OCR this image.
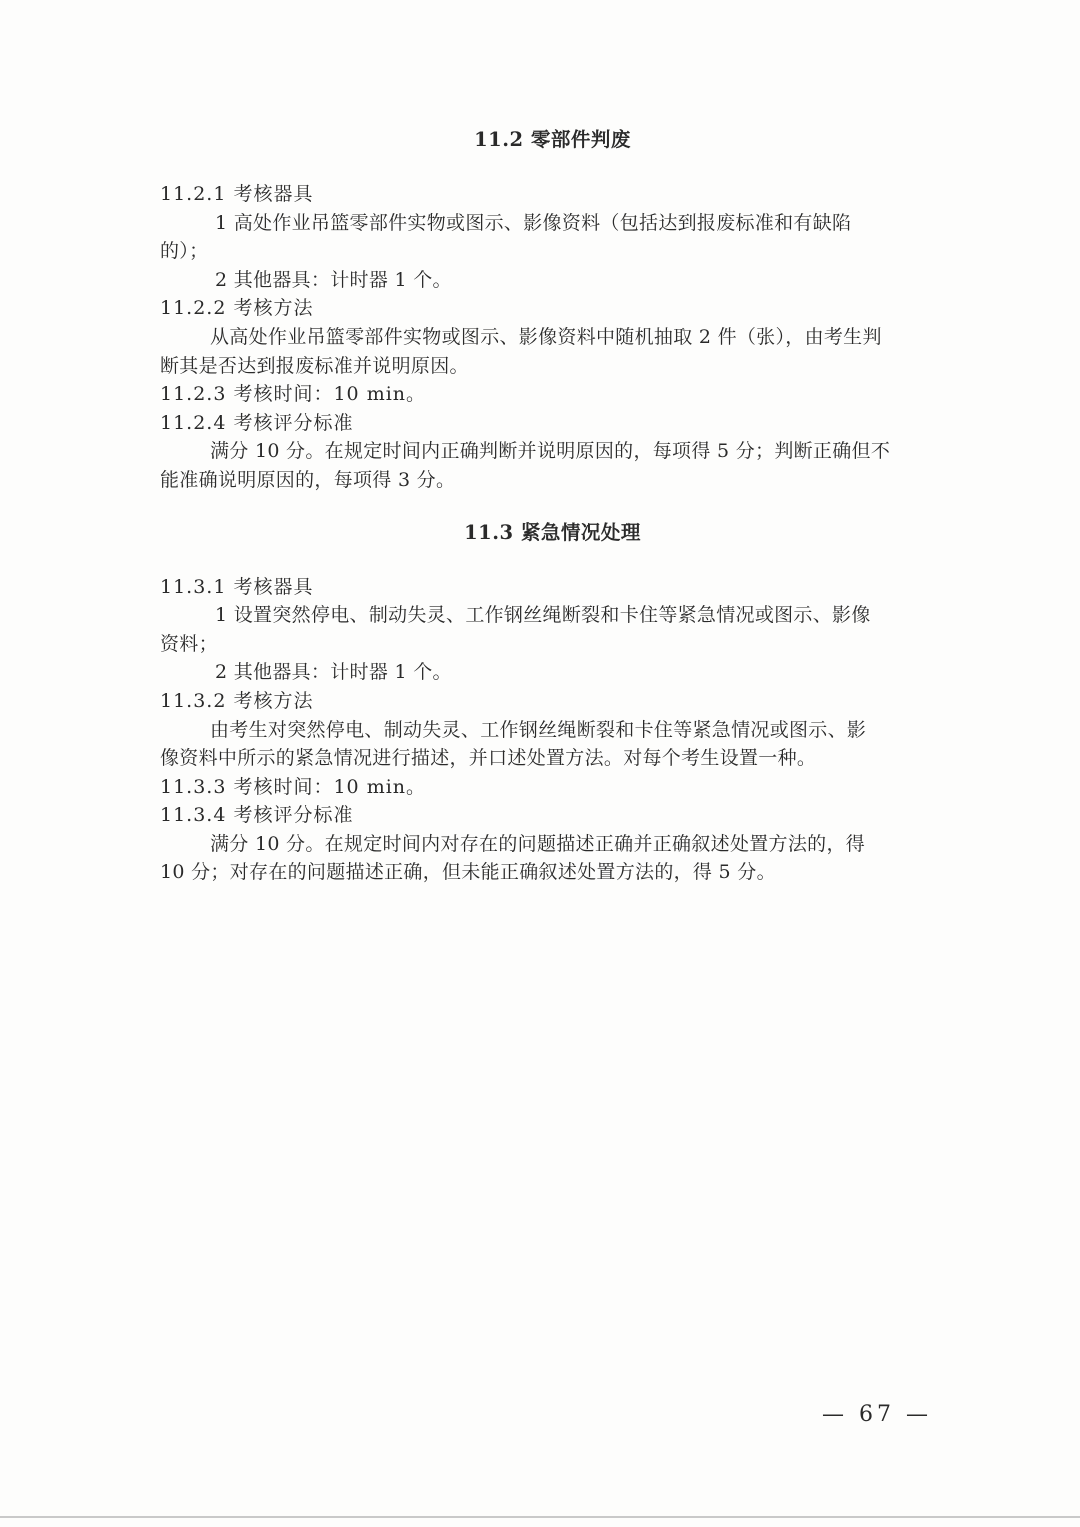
11.2 零部件判废

11.2.1 考核器具

1 高处作业吊篮零部件实物或图示、影像资料（包括达到报废标准和有缺陷

的）；

2 其他器具：计时器 1 个。

11.2.2 考核方法

从高处作业吊篮零部件实物或图示、影像资料中随机抽取 2 件（张），由考生判

断其是否达到报废标准并说明原因。

11.2.3 考核时间：10 min。

11.2.4 考核评分标准

满分 10 分。在规定时间内正确判断并说明原因的，每项得 5 分；判断正确但不

能准确说明原因的，每项得 3 分。

11.3 紧急情况处理

11.3.1 考核器具

1 设置突然停电、制动失灵、工作钢丝绳断裂和卡住等紧急情况或图示、影像

资料；

2 其他器具：计时器 1 个。

11.3.2 考核方法

由考生对突然停电、制动失灵、工作钢丝绳断裂和卡住等紧急情况或图示、影

像资料中所示的紧急情况进行描述，并口述处置方法。对每个考生设置一种。

11.3.3 考核时间：10 min。

11.3.4 考核评分标准

满分 10 分。在规定时间内对存在的问题描述正确并正确叙述处置方法的，得

10 分；对存在的问题描述正确，但未能正确叙述处置方法的，得 5 分。

— 67 —
